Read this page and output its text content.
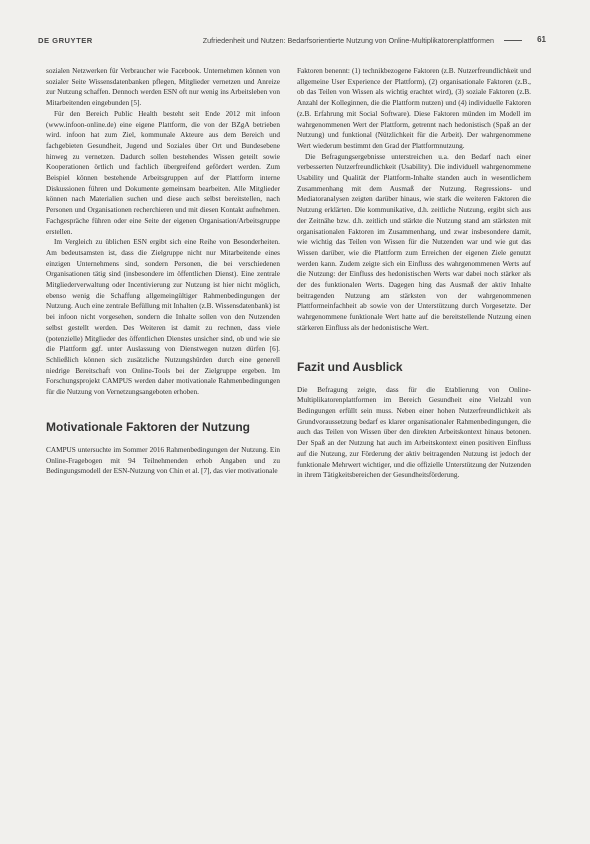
DE GRUYTER	Zufriedenheit und Nutzen: Bedarfsorientierte Nutzung von Online-Multiplikatorenplattformen	61

sozialen Netzwerken für Verbraucher wie Facebook. Unternehmen können von sozialer Seite Wissensdatenbanken pflegen, Mitglieder vernetzen und Anreize zur Nutzung schaffen. Dennoch werden ESN oft nur wenig ins Arbeitsleben von Mitarbeitenden eingebunden [5].

Für den Bereich Public Health besteht seit Ende 2012 mit infoon (www.infoon-online.de) eine eigene Plattform, die von der BZgA betrieben wird. infoon hat zum Ziel, kommunale Akteure aus dem Bereich und fachgebieten Gesundheit, Jugend und Soziales über Ort und Bundesebene hinweg zu vernetzen. Dadurch sollen bestehendes Wissen geteilt sowie Kooperationen örtlich und fachlich übergreifend gefördert werden. Zum Beispiel können bestehende Arbeitsgruppen auf der Plattform interne Diskussionen führen und Dokumente gemeinsam bearbeiten. Alle Mitglieder können nach Materialien suchen und diese auch selbst bereitstellen, nach Personen und Organisationen recherchieren und mit diesen Kontakt aufnehmen. Fachgespräche führen oder eine Seite der eigenen Organisation/Arbeitsgruppe erstellen.

Im Vergleich zu üblichen ESN ergibt sich eine Reihe von Besonderheiten. Am bedeutsamsten ist, dass die Zielgruppe nicht nur Mitarbeitende eines einzigen Unternehmens sind, sondern Personen, die bei verschiedenen Organisationen tätig sind (insbesondere im öffentlichen Dienst). Eine zentrale Mitgliederverwaltung oder Incentivierung zur Nutzung ist hier nicht möglich, ebenso wenig die Schaffung allgemeingültiger Rahmenbedingungen der Nutzung. Auch eine zentrale Befüllung mit Inhalten (z.B. Wissensdatenbank) ist bei infoon nicht vorgesehen, sondern die Inhalte sollen von den Nutzenden selbst gestellt werden. Des Weiteren ist damit zu rechnen, dass viele (potenzielle) Mitglieder des öffentlichen Dienstes unsicher sind, ob und wie sie die Plattform ggf. unter Auslassung von Dienstwegen nutzen dürfen [6]. Schließlich können sich zusätzliche Nutzungshürden durch eine generell niedrige Bereitschaft von Online-Tools bei der Zielgruppe ergeben. Im Forschungsprojekt CAMPUS werden daher motivationale Rahmenbedingungen für die Nutzung von Vernetzungsangeboten erhoben.

Motivationale Faktoren der Nutzung

CAMPUS untersuchte im Sommer 2016 Rahmenbedingungen der Nutzung. Ein Online-Fragebogen mit 94 Teilnehmenden erhob Angaben und zu Bedingungsmodell der ESN-Nutzung von Chin et al. [7], das vier motivationale

Faktoren benennt: (1) technikbezogene Faktoren (z.B. Nutzerfreundlichkeit und allgemeine User Experience der Plattform), (2) organisationale Faktoren (z.B., ob das Teilen von Wissen als wichtig erachtet wird), (3) soziale Faktoren (z.B. Anzahl der Kolleginnen, die die Plattform nutzen) und (4) individuelle Faktoren (z.B. Erfahrung mit Social Software). Diese Faktoren münden im Modell im wahrgenommenen Wert der Plattform, getrennt nach hedonistisch (Spaß an der Nutzung) und funktional (Nützlichkeit für die Arbeit). Der wahrgenommene Wert wiederum bestimmt den Grad der Plattformnutzung.

Die Befragungsergebnisse unterstreichen u.a. den Bedarf nach einer verbesserten Nutzerfreundlichkeit (Usability). Die individuell wahrgenommene Usability und Qualität der Plattform-Inhalte standen auch in wesentlichem Zusammenhang mit dem Ausmaß der Nutzung. Regressions- und Mediatoranalysen zeigten darüber hinaus, wie stark die weiteren Faktoren die Nutzung erklärten. Die kommunikative, d.h. zeitliche Nutzung, ergibt sich aus der Zeitnähe bzw. d.h. zeitlich und stärkte die Nutzung stand am stärksten mit organisationalen Faktoren im Zusammenhang, und zwar insbesondere damit, wie wichtig das Teilen von Wissen für die Nutzenden war und wie gut das Wissen darüber, wie die Plattform zum Erreichen der eigenen Ziele genutzt werden kann. Zudem zeigte sich ein Einfluss des wahrgenommenen Werts auf die Nutzung: der Einfluss des hedonistischen Werts war dabei noch stärker als der des funktionalen Werts. Dagegen hing das Ausmaß der aktiv Inhalte beitragenden Nutzung am stärksten von der wahrgenommenen Plattformeinfachheit ab sowie von der Unterstützung durch Vorgesetzte. Der wahrgenommene funktionale Wert hatte auf die bereitstellende Nutzung einen stärkeren Einfluss als der hedonistische Wert.

Fazit und Ausblick

Die Befragung zeigte, dass für die Etablierung von Online-Multiplikatorenplattformen im Bereich Gesundheit eine Vielzahl von Bedingungen erfüllt sein muss. Neben einer hohen Nutzerfreundlichkeit als Grundvoraussetzung bedarf es klarer organisationaler Rahmenbedingungen, die auch das Teilen von Wissen über den direkten Arbeitskontext hinaus betonen. Der Spaß an der Nutzung hat auch im Arbeitskontext einen positiven Einfluss auf die Nutzung, zur Förderung der aktiv beitragenden Nutzung ist jedoch der funktionale Mehrwert wichtiger, und die offizielle Unterstützung der Nutzenden in ihrem Tätigkeitsbereichen der Gesundheitsförderung.
